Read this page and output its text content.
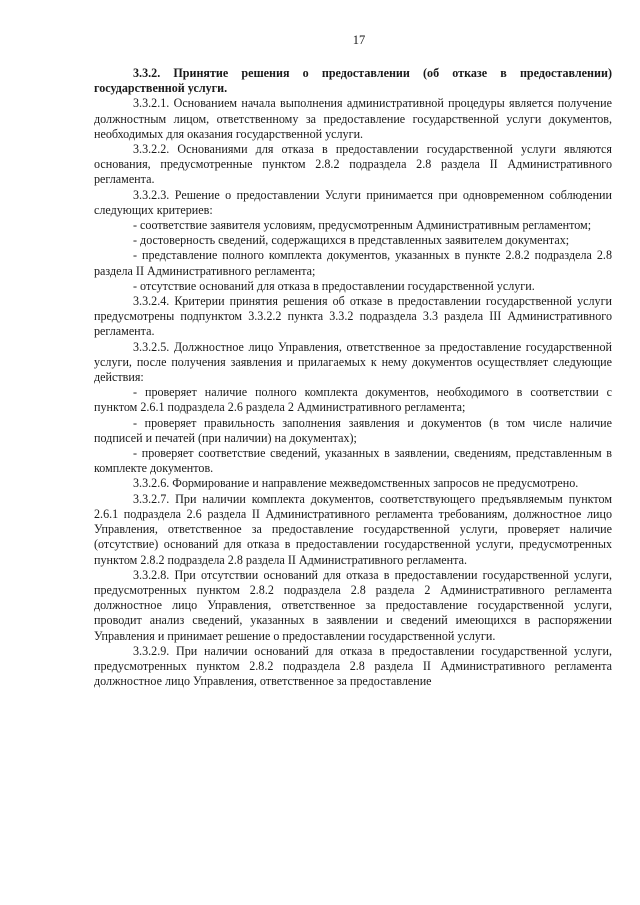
17

3.3.2. Принятие решения о предоставлении (об отказе в предоставлении) государственной услуги.

3.3.2.1. Основанием начала выполнения административной процедуры является получение должностным лицом, ответственному за предоставление государственной услуги документов, необходимых для оказания государственной услуги.

3.3.2.2. Основаниями для отказа в предоставлении государственной услуги являются основания, предусмотренные пунктом 2.8.2 подраздела 2.8 раздела II Административного регламента.

3.3.2.3. Решение о предоставлении Услуги принимается при одновременном соблюдении следующих критериев:

- соответствие заявителя условиям, предусмотренным Административным регламентом;

- достоверность сведений, содержащихся в представленных заявителем документах;

- представление полного комплекта документов, указанных в пункте 2.8.2 подраздела 2.8 раздела II Административного регламента;

- отсутствие оснований для отказа в предоставлении государственной услуги.

3.3.2.4. Критерии принятия решения об отказе в предоставлении государственной услуги предусмотрены подпунктом 3.3.2.2 пункта 3.3.2 подраздела 3.3 раздела III Административного регламента.

3.3.2.5. Должностное лицо Управления, ответственное за предоставление государственной услуги, после получения заявления и прилагаемых к нему документов осуществляет следующие действия:

- проверяет наличие полного комплекта документов, необходимого в соответствии с пунктом 2.6.1 подраздела 2.6 раздела 2 Административного регламента;

- проверяет правильность заполнения заявления и документов (в том числе наличие подписей и печатей (при наличии) на документах);

- проверяет соответствие сведений, указанных в заявлении, сведениям, представленным в комплекте документов.

3.3.2.6. Формирование и направление межведомственных запросов не предусмотрено.

3.3.2.7. При наличии комплекта документов, соответствующего предъявляемым пунктом 2.6.1 подраздела 2.6 раздела II Административного регламента требованиям, должностное лицо Управления, ответственное за предоставление государственной услуги, проверяет наличие (отсутствие) оснований для отказа в предоставлении государственной услуги, предусмотренных пунктом 2.8.2 подраздела 2.8 раздела II Административного регламента.

3.3.2.8. При отсутствии оснований для отказа в предоставлении государственной услуги, предусмотренных пунктом 2.8.2 подраздела 2.8 раздела 2 Административного регламента должностное лицо Управления, ответственное за предоставление государственной услуги, проводит анализ сведений, указанных в заявлении и сведений имеющихся в распоряжении Управления и принимает решение о предоставлении государственной услуги.

3.3.2.9. При наличии оснований для отказа в предоставлении государственной услуги, предусмотренных пунктом 2.8.2 подраздела 2.8 раздела II Административного регламента должностное лицо Управления, ответственное за предоставление
